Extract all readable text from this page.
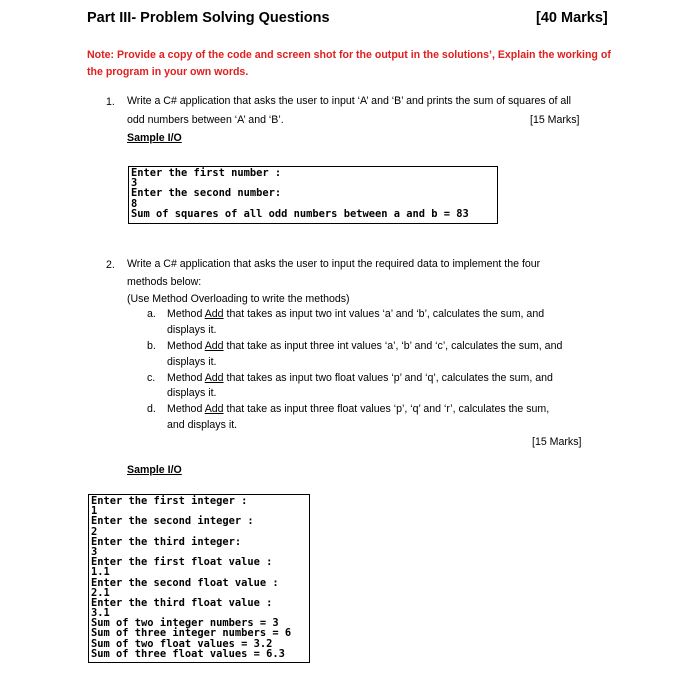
Part III- Problem Solving Questions	[40 Marks]
Note: Provide a copy of the code and screen shot for the output in the solutions’, Explain the working of the program in your own words.
1. Write a C# application that asks the user to input ‘A’ and ‘B’ and prints the sum of squares of all
odd numbers between ‘A’ and ‘B’.	[15 Marks]
Sample I/O
Enter the first number :
3
Enter the second number:
8
Sum of squares of all odd numbers between a and b = 83
2. Write a C# application that asks the user to input the required data to implement the four
methods below:
(Use Method Overloading to write the methods)
a. Method Add that takes as input two int values ‘a’ and ‘b’, calculates the sum, and
displays it.
b. Method Add that take as input three int values ‘a’, ‘b’ and ‘c’, calculates the sum, and
displays it.
c. Method Add that takes as input two float values ‘p’ and ‘q’, calculates the sum, and
displays it.
d. Method Add that take as input three float values ‘p’, ‘q’ and ‘r’, calculates the sum,
and displays it.
[15 Marks]
Sample I/O
Enter the first integer :
1
Enter the second integer :
2
Enter the third integer:
3
Enter the first float value :
1.1
Enter the second float value :
2.1
Enter the third float value :
3.1
Sum of two integer numbers = 3
Sum of three integer numbers = 6
Sum of two float values = 3.2
Sum of three float values = 6.3
